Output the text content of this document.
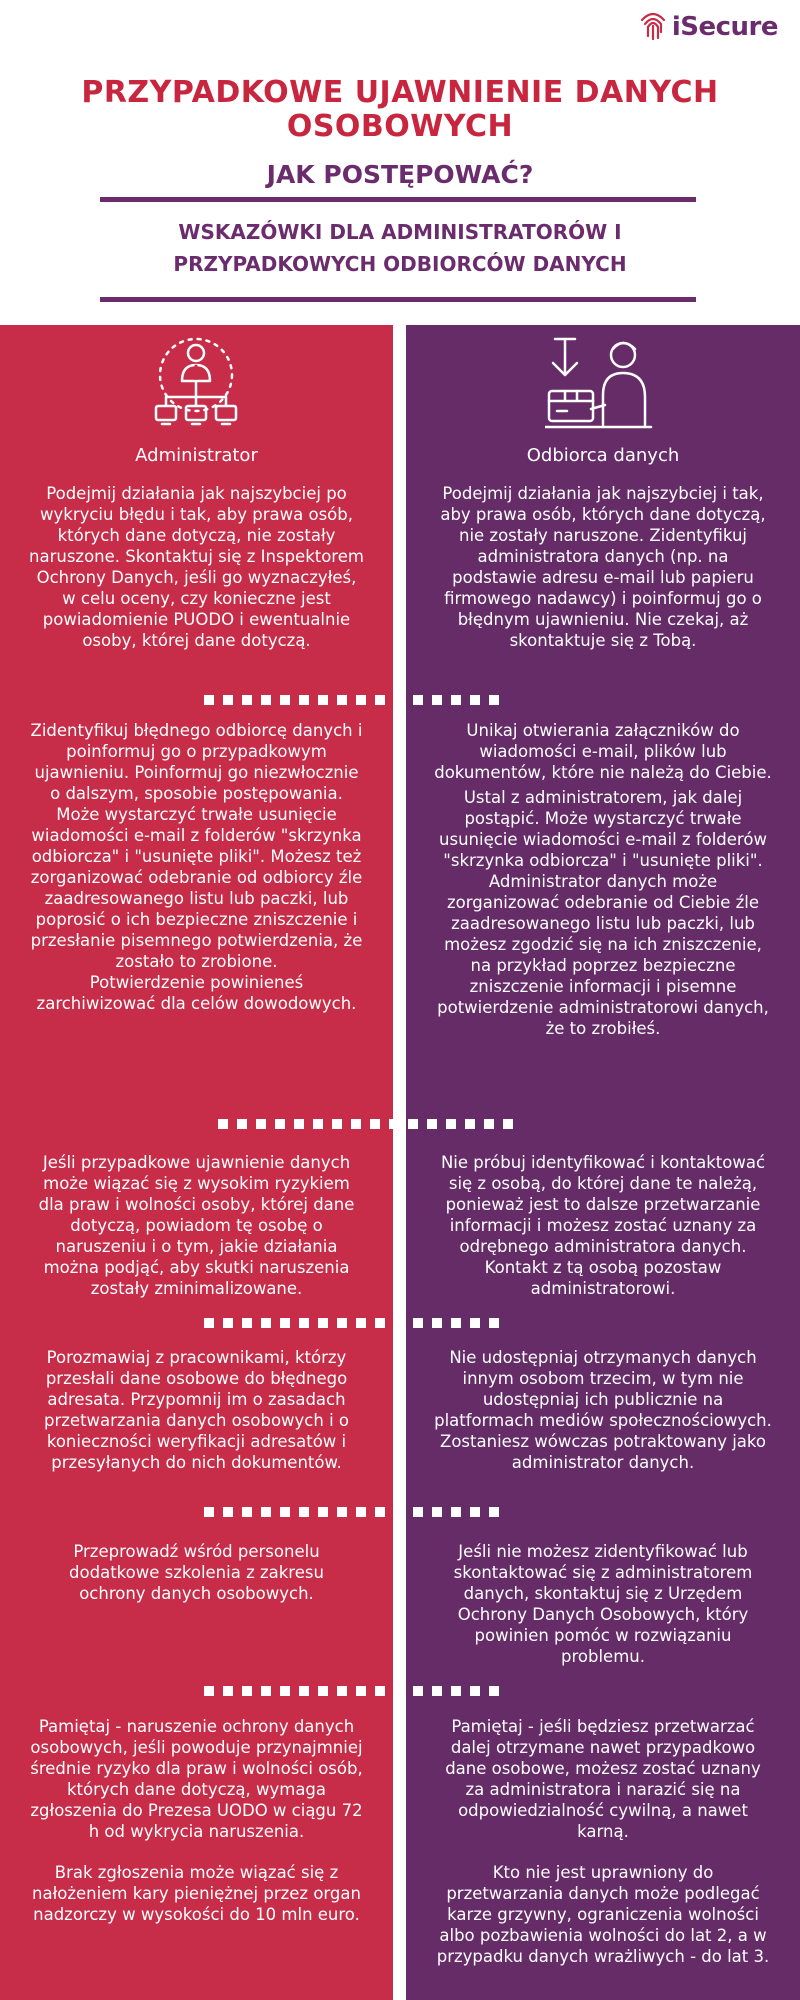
iSecure
PRZYPADKOWE UJAWNIENIE DANYCH OSOBOWYCH
JAK POSTĘPOWAĆ?
WSKAZÓWKI DLA ADMINISTRATORÓW I
PRZYPADKOWYCH ODBIORCÓW DANYCH
Administrator	Odbiorca danych

Podejmij działania jak najszybciej po wykryciu błędu i tak, aby prawa osób, których dane dotyczą, nie zostały naruszone. Skontaktuj się z Inspektorem Ochrony Danych, jeśli go wyznaczyłeś, w celu oceny, czy konieczne jest powiadomienie PUODO i ewentualnie osoby, której dane dotyczą.

Zidentyfikuj błędnego odbiorcę danych i poinformuj go o przypadkowym ujawnieniu. Poinformuj go niezwłocznie o dalszym, sposobie postępowania. Może wystarczyć trwałe usunięcie wiadomości e-mail z folderów "skrzynka odbiorcza" i "usunięte pliki". Możesz też zorganizować odebranie od odbiorcy źle zaadresowanego listu lub paczki, lub poprosić o ich bezpieczne zniszczenie i przesłanie pisemnego potwierdzenia, że zostało to zrobione.

Potwierdzenie powinieneś zarchiwizować dla celów dowodowych.

Jeśli przypadkowe ujawnienie danych może wiązać się z wysokim ryzykiem dla praw i wolności osoby, której dane dotyczą, powiadom tę osobę o naruszeniu i o tym, jakie działania można podjąć, aby skutki naruszenia zostały zminimalizowane.

Porozmawiaj z pracownikami, którzy przesłali dane osobowe do błędnego adresata. Przypomnij im o zasadach przetwarzania danych osobowych i o konieczności weryfikacji adresatów i przesyłanych do nich dokumentów.

Przeprowadź wśród personelu dodatkowe szkolenia z zakresu ochrony danych osobowych.

Pamiętaj - naruszenie ochrony danych osobowych, jeśli powoduje przynajmniej średnie ryzyko dla praw i wolności osób, których dane dotyczą, wymaga zgłoszenia do Prezesa UODO w ciągu 72 h od wykrycia naruszenia.

Brak zgłoszenia może wiązać się z nałożeniem kary pieniężnej przez organ nadzorczy w wysokości do 10 mln euro.

Podejmij działania jak najszybciej i tak, aby prawa osób, których dane dotyczą, nie zostały naruszone. Zidentyfikuj administratora danych (np. na podstawie adresu e-mail lub papieru firmowego nadawcy) i poinformuj go o błędnym ujawnieniu. Nie czekaj, aż skontaktuje się z Tobą.

Unikaj otwierania załączników do wiadomości e-mail, plików lub dokumentów, które nie należą do Ciebie.

Ustal z administratorem, jak dalej postąpić. Może wystarczyć trwałe usunięcie wiadomości e-mail z folderów "skrzynka odbiorcza" i "usunięte pliki". Administrator danych może zorganizować odebranie od Ciebie źle zaadresowanego listu lub paczki, lub możesz zgodzić się na ich zniszczenie, na przykład poprzez bezpieczne zniszczenie informacji i pisemne potwierdzenie administratorowi danych, że to zrobiłeś.

Nie próbuj identyfikować i kontaktować się z osobą, do której dane te należą, ponieważ jest to dalsze przetwarzanie informacji i możesz zostać uznany za odrębnego administratora danych. Kontakt z tą osobą pozostaw administratorowi.

Nie udostępniaj otrzymanych danych innym osobom trzecim, w tym nie udostępniaj ich publicznie na platformach mediów społecznościowych. Zostaniesz wówczas potraktowany jako administrator danych.

Jeśli nie możesz zidentyfikować lub skontaktować się z administratorem danych, skontaktuj się z Urzędem Ochrony Danych Osobowych, który powinien pomóc w rozwiązaniu problemu.

Pamiętaj - jeśli będziesz przetwarzać dalej otrzymane nawet przypadkowo dane osobowe, możesz zostać uznany za administratora i narazić się na odpowiedzialność cywilną, a nawet karną.

Kto nie jest uprawniony do przetwarzania danych może podlegać karze grzywny, ograniczenia wolności albo pozbawienia wolności do lat 2, a w przypadku danych wrażliwych - do lat 3.
